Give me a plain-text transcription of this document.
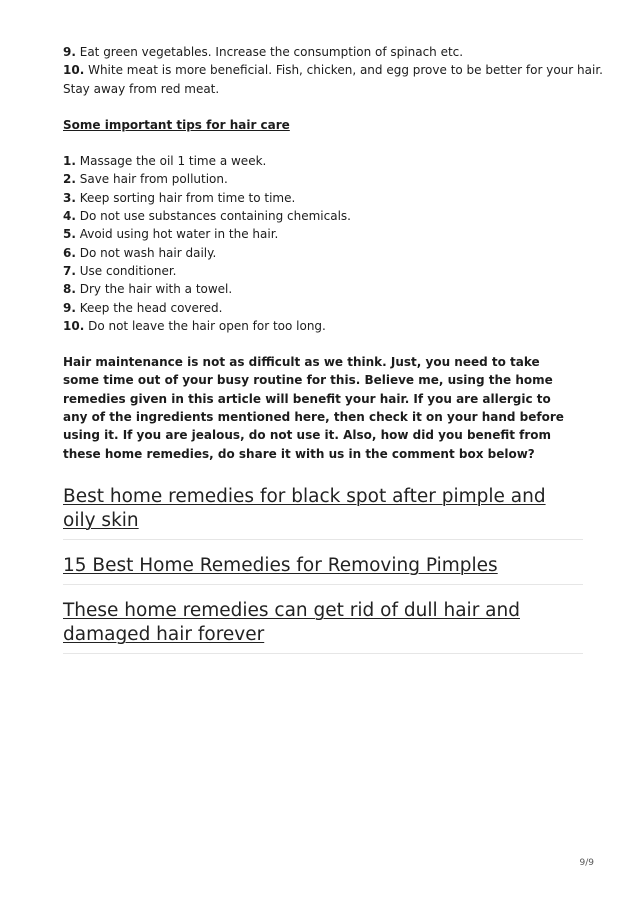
9. Eat green vegetables. Increase the consumption of spinach etc.
10. White meat is more beneficial. Fish, chicken, and egg prove to be better for your hair.
Stay away from red meat.
Some important tips for hair care
1. Massage the oil 1 time a week.
2. Save hair from pollution.
3. Keep sorting hair from time to time.
4. Do not use substances containing chemicals.
5. Avoid using hot water in the hair.
6. Do not wash hair daily.
7. Use conditioner.
8. Dry the hair with a towel.
9. Keep the head covered.
10. Do not leave the hair open for too long.
Hair maintenance is not as difficult as we think. Just, you need to take some time out of your busy routine for this. Believe me, using the home remedies given in this article will benefit your hair. If you are allergic to any of the ingredients mentioned here, then check it on your hand before using it. If you are jealous, do not use it. Also, how did you benefit from these home remedies, do share it with us in the comment box below?
Best home remedies for black spot after pimple and oily skin
15 Best Home Remedies for Removing Pimples
These home remedies can get rid of dull hair and damaged hair forever
9/9
